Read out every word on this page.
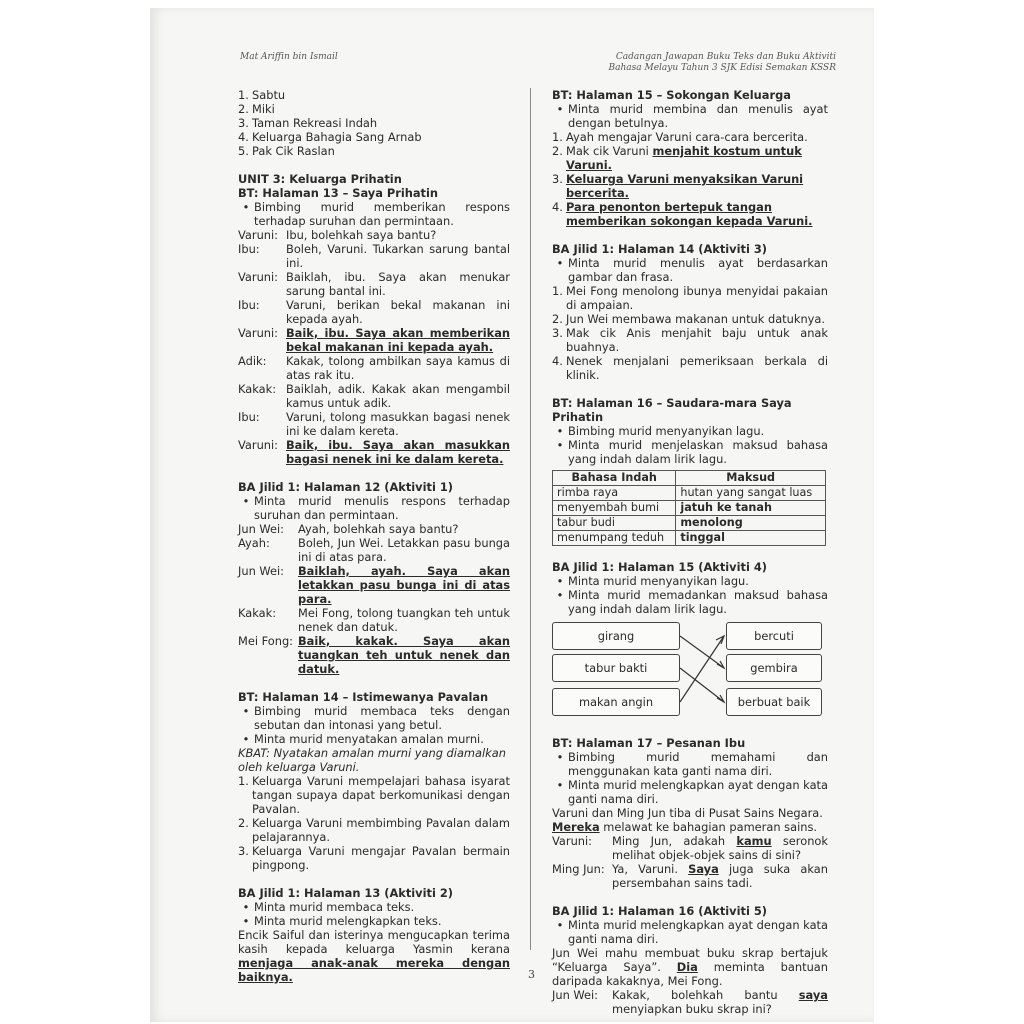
Mat Ariffin bin Ismail	Cadangan Jawapan Buku Teks dan Buku Aktiviti
Bahasa Melayu Tahun 3 SJK Edisi Semakan KSSR
1. Sabtu
2. Miki
3. Taman Rekreasi Indah
4. Keluarga Bahagia Sang Arnab
5. Pak Cik Raslan

UNIT 3: Keluarga Prihatin

BT: Halaman 13 – Saya Prihatin

• Bimbing murid memberikan respons terhadap suruhan dan permintaan.
Varuni: Ibu, bolehkah saya bantu?
Ibu:	Boleh, Varuni. Tukarkan sarung bantal ini.
Varuni: Baiklah, ibu. Saya akan menukar sarung bantal ini.
Ibu:	Varuni, berikan bekal makanan ini kepada ayah.
Varuni: Baik, ibu. Saya akan memberikan bekal makanan ini kepada ayah.
Adik:	Kakak, tolong ambilkan saya kamus di atas rak itu.
Kakak: Baiklah, adik. Kakak akan mengambil kamus untuk adik.
Ibu:	Varuni, tolong masukkan bagasi nenek ini ke dalam kereta.
Varuni: Baik, ibu. Saya akan masukkan bagasi nenek ini ke dalam kereta.

BA Jilid 1: Halaman 12 (Aktiviti 1)

• Minta murid menulis respons terhadap suruhan dan permintaan.
Jun Wei:	Ayah, bolehkah saya bantu?
Ayah:	Boleh, Jun Wei. Letakkan pasu bunga ini di atas para.
Jun Wei:	Baiklah, ayah. Saya akan letakkan pasu bunga ini di atas para.
Kakak:	Mei Fong, tolong tuangkan teh untuk nenek dan datuk.
Mei Fong: Baik, kakak. Saya akan tuangkan teh untuk nenek dan datuk.

BT: Halaman 14 – Istimewanya Pavalan

• Bimbing murid membaca teks dengan sebutan dan intonasi yang betul.
• Minta murid menyatakan amalan murni.

KBAT: Nyatakan amalan murni yang diamalkan oleh keluarga Varuni.

1. Keluarga Varuni mempelajari bahasa isyarat tangan supaya dapat berkomunikasi dengan Pavalan.
2. Keluarga Varuni membimbing Pavalan dalam pelajarannya.
3. Keluarga Varuni mengajar Pavalan bermain pingpong.

BA Jilid 1: Halaman 13 (Aktiviti 2)

• Minta murid membaca teks.
• Minta murid melengkapkan teks.

Encik Saiful dan isterinya mengucapkan terima kasih kepada keluarga Yasmin kerana menjaga anak-anak mereka dengan baiknya.

BT: Halaman 15 – Sokongan Keluarga

• Minta murid membina dan menulis ayat dengan betulnya.
1. Ayah mengajar Varuni cara-cara bercerita.
2. Mak cik Varuni menjahit kostum untuk Varuni.
3. Keluarga Varuni menyaksikan Varuni bercerita.
4. Para penonton bertepuk tangan memberikan sokongan kepada Varuni.

BA Jilid 1: Halaman 14 (Aktiviti 3)

• Minta murid menulis ayat berdasarkan gambar dan frasa.
1. Mei Fong menolong ibunya menyidai pakaian di ampaian.
2. Jun Wei membawa makanan untuk datuknya.
3. Mak cik Anis menjahit baju untuk anak buahnya.
4. Nenek menjalani pemeriksaan berkala di klinik.

BT: Halaman 16 – Saudara-mara Saya Prihatin

• Bimbing murid menyanyikan lagu.
• Minta murid menjelaskan maksud bahasa yang indah dalam lirik lagu.
Bahasa Indah	Maksud
rimba raya	hutan yang sangat luas
menyembah bumi	jatuh ke tanah
tabur budi	menolong
menumpang teduh	tinggal

BA Jilid 1: Halaman 15 (Aktiviti 4)

• Minta murid menyanyikan lagu.
• Minta murid memadankan maksud bahasa yang indah dalam lirik lagu.
girang
tabur bakti
makan angin
bercuti
gembira
berbuat baik

BT: Halaman 17 – Pesanan Ibu

• Bimbing murid memahami dan menggunakan kata ganti nama diri.
• Minta murid melengkapkan ayat dengan kata ganti nama diri.

Varuni dan Ming Jun tiba di Pusat Sains Negara.

Mereka melawat ke bahagian pameran sains.

Varuni:	Ming Jun, adakah kamu seronok melihat objek-objek sains di sini?
Ming Jun: Ya, Varuni. Saya juga suka akan persembahan sains tadi.

BA Jilid 1: Halaman 16 (Aktiviti 5)

• Minta murid melengkapkan ayat dengan kata ganti nama diri.

Jun Wei mahu membuat buku skrap bertajuk “Keluarga Saya”. Dia meminta bantuan daripada kakaknya, Mei Fong.

Jun Wei:	Kakak, bolehkah bantu saya menyiapkan buku skrap ini?
3
